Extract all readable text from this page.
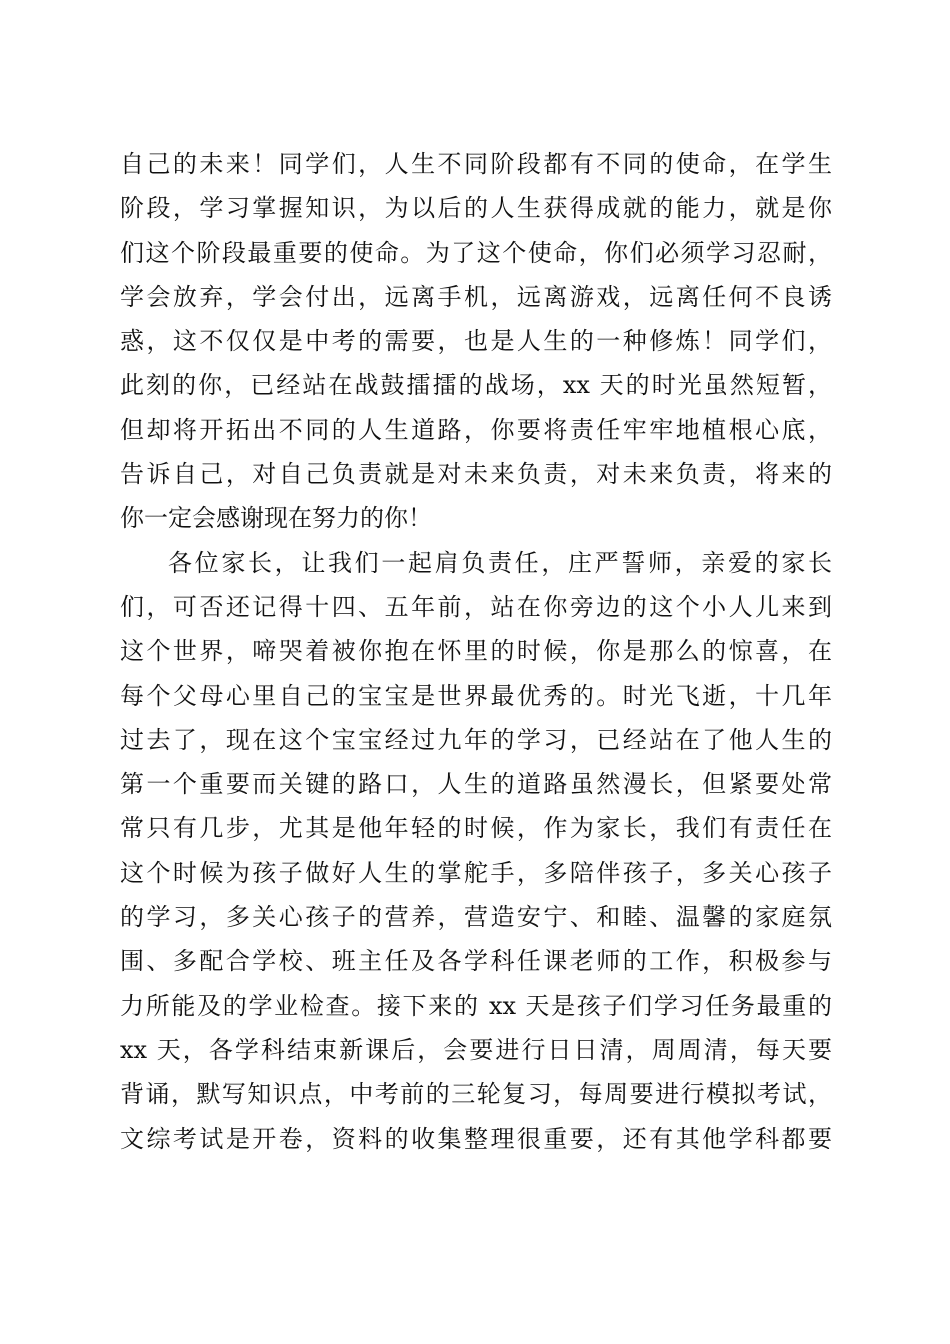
自己的未来！同学们，人生不同阶段都有不同的使命，在学生
阶段，学习掌握知识，为以后的人生获得成就的能力，就是你
们这个阶段最重要的使命。为了这个使命，你们必须学习忍耐，
学会放弃，学会付出，远离手机，远离游戏，远离任何不良诱
惑，这不仅仅是中考的需要，也是人生的一种修炼！同学们，
此刻的你，已经站在战鼓擂擂的战场，xx 天的时光虽然短暂，
但却将开拓出不同的人生道路，你要将责任牢牢地植根心底，
告诉自己，对自己负责就是对未来负责，对未来负责，将来的
你一定会感谢现在努力的你！
各位家长，让我们一起肩负责任，庄严誓师，亲爱的家长
们，可否还记得十四、五年前，站在你旁边的这个小人儿来到
这个世界，啼哭着被你抱在怀里的时候，你是那么的惊喜，在
每个父母心里自己的宝宝是世界最优秀的。时光飞逝，十几年
过去了，现在这个宝宝经过九年的学习，已经站在了他人生的
第一个重要而关键的路口，人生的道路虽然漫长，但紧要处常
常只有几步，尤其是他年轻的时候，作为家长，我们有责任在
这个时候为孩子做好人生的掌舵手，多陪伴孩子，多关心孩子
的学习，多关心孩子的营养，营造安宁、和睦、温馨的家庭氛
围、多配合学校、班主任及各学科任课老师的工作，积极参与
力所能及的学业检查。接下来的 xx 天是孩子们学习任务最重的
xx 天，各学科结束新课后，会要进行日日清，周周清，每天要
背诵，默写知识点，中考前的三轮复习，每周要进行模拟考试，
文综考试是开卷，资料的收集整理很重要，还有其他学科都要
